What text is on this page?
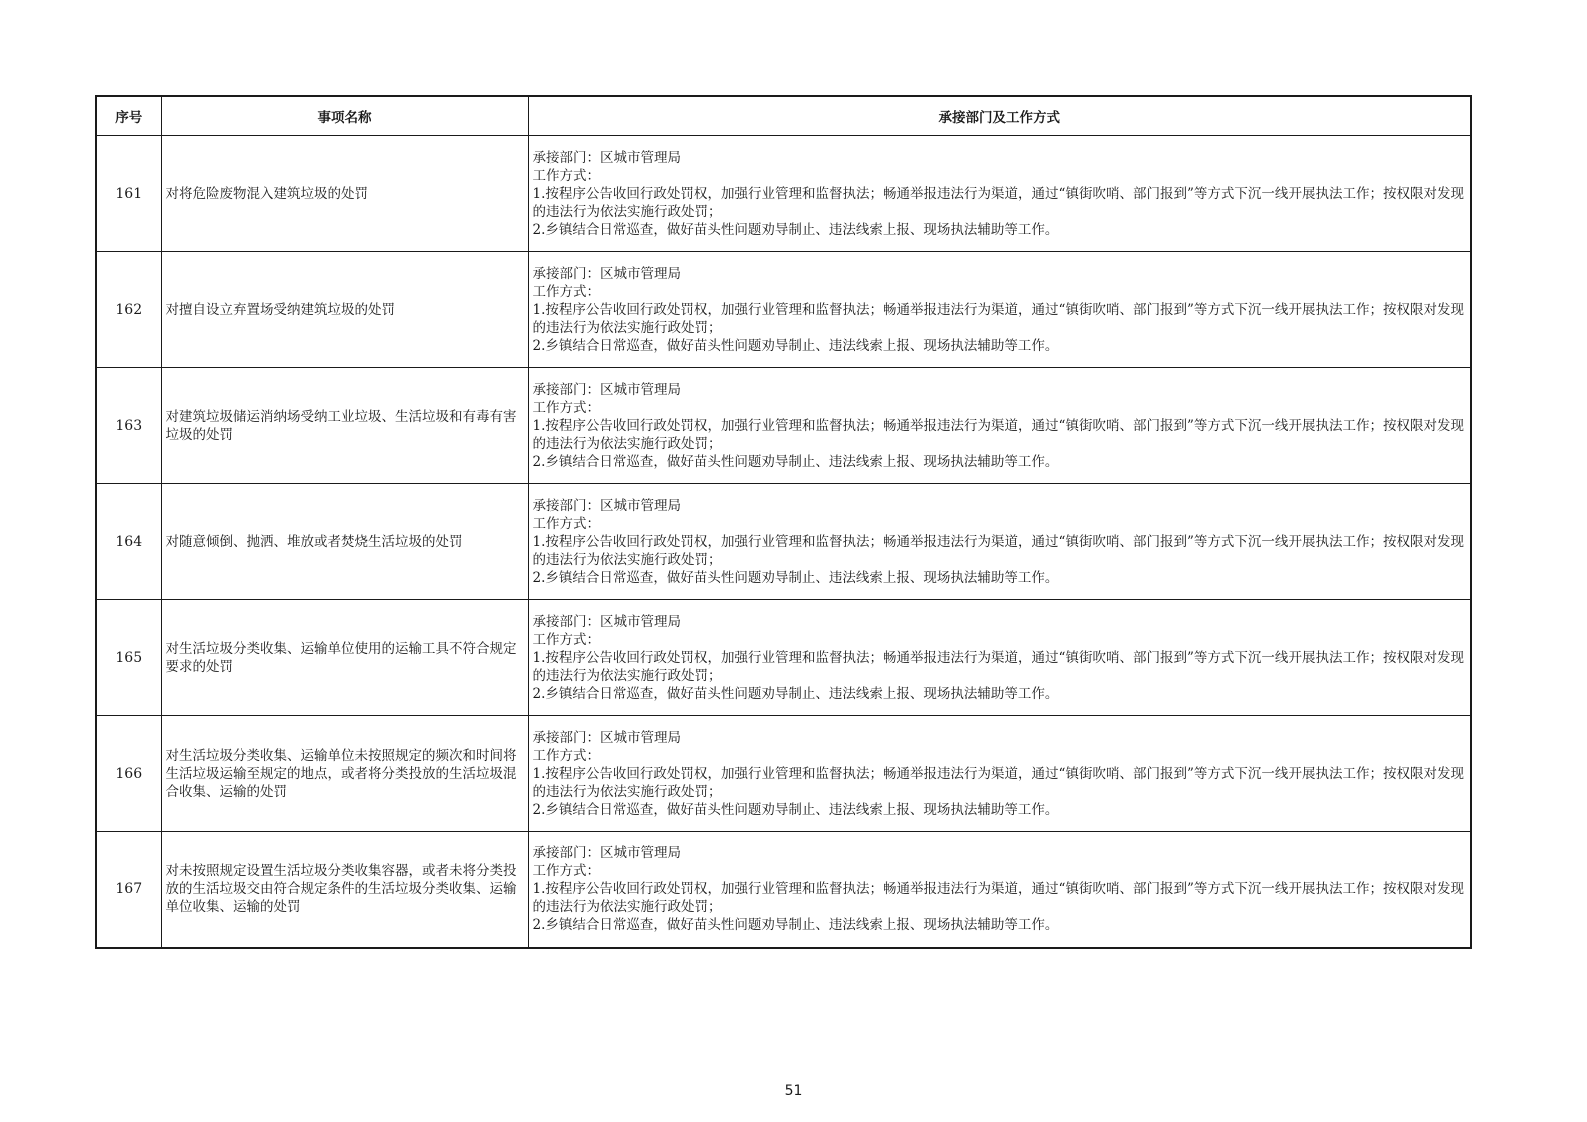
序号	事项名称	承接部门及工作方式
161	对将危险废物混入建筑垃圾的处罚	承接部门：区城市管理局
工作方式：
1.按程序公告收回行政处罚权，加强行业管理和监督执法；畅通举报违法行为渠道，通过“镇街吹哨、部门报到”等方式下沉一线开展执法工作；按权限对发现的违法行为依法实施行政处罚；
2.乡镇结合日常巡查，做好苗头性问题劝导制止、违法线索上报、现场执法辅助等工作。

162	对擅自设立弃置场受纳建筑垃圾的处罚	承接部门：区城市管理局
工作方式：
1.按程序公告收回行政处罚权，加强行业管理和监督执法；畅通举报违法行为渠道，通过“镇街吹哨、部门报到”等方式下沉一线开展执法工作；按权限对发现的违法行为依法实施行政处罚；
2.乡镇结合日常巡查，做好苗头性问题劝导制止、违法线索上报、现场执法辅助等工作。

163	对建筑垃圾储运消纳场受纳工业垃圾、生活垃圾和有毒有害垃圾的处罚	承接部门：区城市管理局
工作方式：
1.按程序公告收回行政处罚权，加强行业管理和监督执法；畅通举报违法行为渠道，通过“镇街吹哨、部门报到”等方式下沉一线开展执法工作；按权限对发现的违法行为依法实施行政处罚；
2.乡镇结合日常巡查，做好苗头性问题劝导制止、违法线索上报、现场执法辅助等工作。

164	对随意倾倒、抛洒、堆放或者焚烧生活垃圾的处罚	承接部门：区城市管理局
工作方式：
1.按程序公告收回行政处罚权，加强行业管理和监督执法；畅通举报违法行为渠道，通过“镇街吹哨、部门报到”等方式下沉一线开展执法工作；按权限对发现的违法行为依法实施行政处罚；
2.乡镇结合日常巡查，做好苗头性问题劝导制止、违法线索上报、现场执法辅助等工作。

165	对生活垃圾分类收集、运输单位使用的运输工具不符合规定要求的处罚	承接部门：区城市管理局
工作方式：
1.按程序公告收回行政处罚权，加强行业管理和监督执法；畅通举报违法行为渠道，通过“镇街吹哨、部门报到”等方式下沉一线开展执法工作；按权限对发现的违法行为依法实施行政处罚；
2.乡镇结合日常巡查，做好苗头性问题劝导制止、违法线索上报、现场执法辅助等工作。

166	对生活垃圾分类收集、运输单位未按照规定的频次和时间将生活垃圾运输至规定的地点，或者将分类投放的生活垃圾混合收集、运输的处罚	承接部门：区城市管理局
工作方式：
1.按程序公告收回行政处罚权，加强行业管理和监督执法；畅通举报违法行为渠道，通过“镇街吹哨、部门报到”等方式下沉一线开展执法工作；按权限对发现的违法行为依法实施行政处罚；
2.乡镇结合日常巡查，做好苗头性问题劝导制止、违法线索上报、现场执法辅助等工作。

167	对未按照规定设置生活垃圾分类收集容器，或者未将分类投放的生活垃圾交由符合规定条件的生活垃圾分类收集、运输单位收集、运输的处罚	承接部门：区城市管理局
工作方式：
1.按程序公告收回行政处罚权，加强行业管理和监督执法；畅通举报违法行为渠道，通过“镇街吹哨、部门报到”等方式下沉一线开展执法工作；按权限对发现的违法行为依法实施行政处罚；
2.乡镇结合日常巡查，做好苗头性问题劝导制止、违法线索上报、现场执法辅助等工作。
51
